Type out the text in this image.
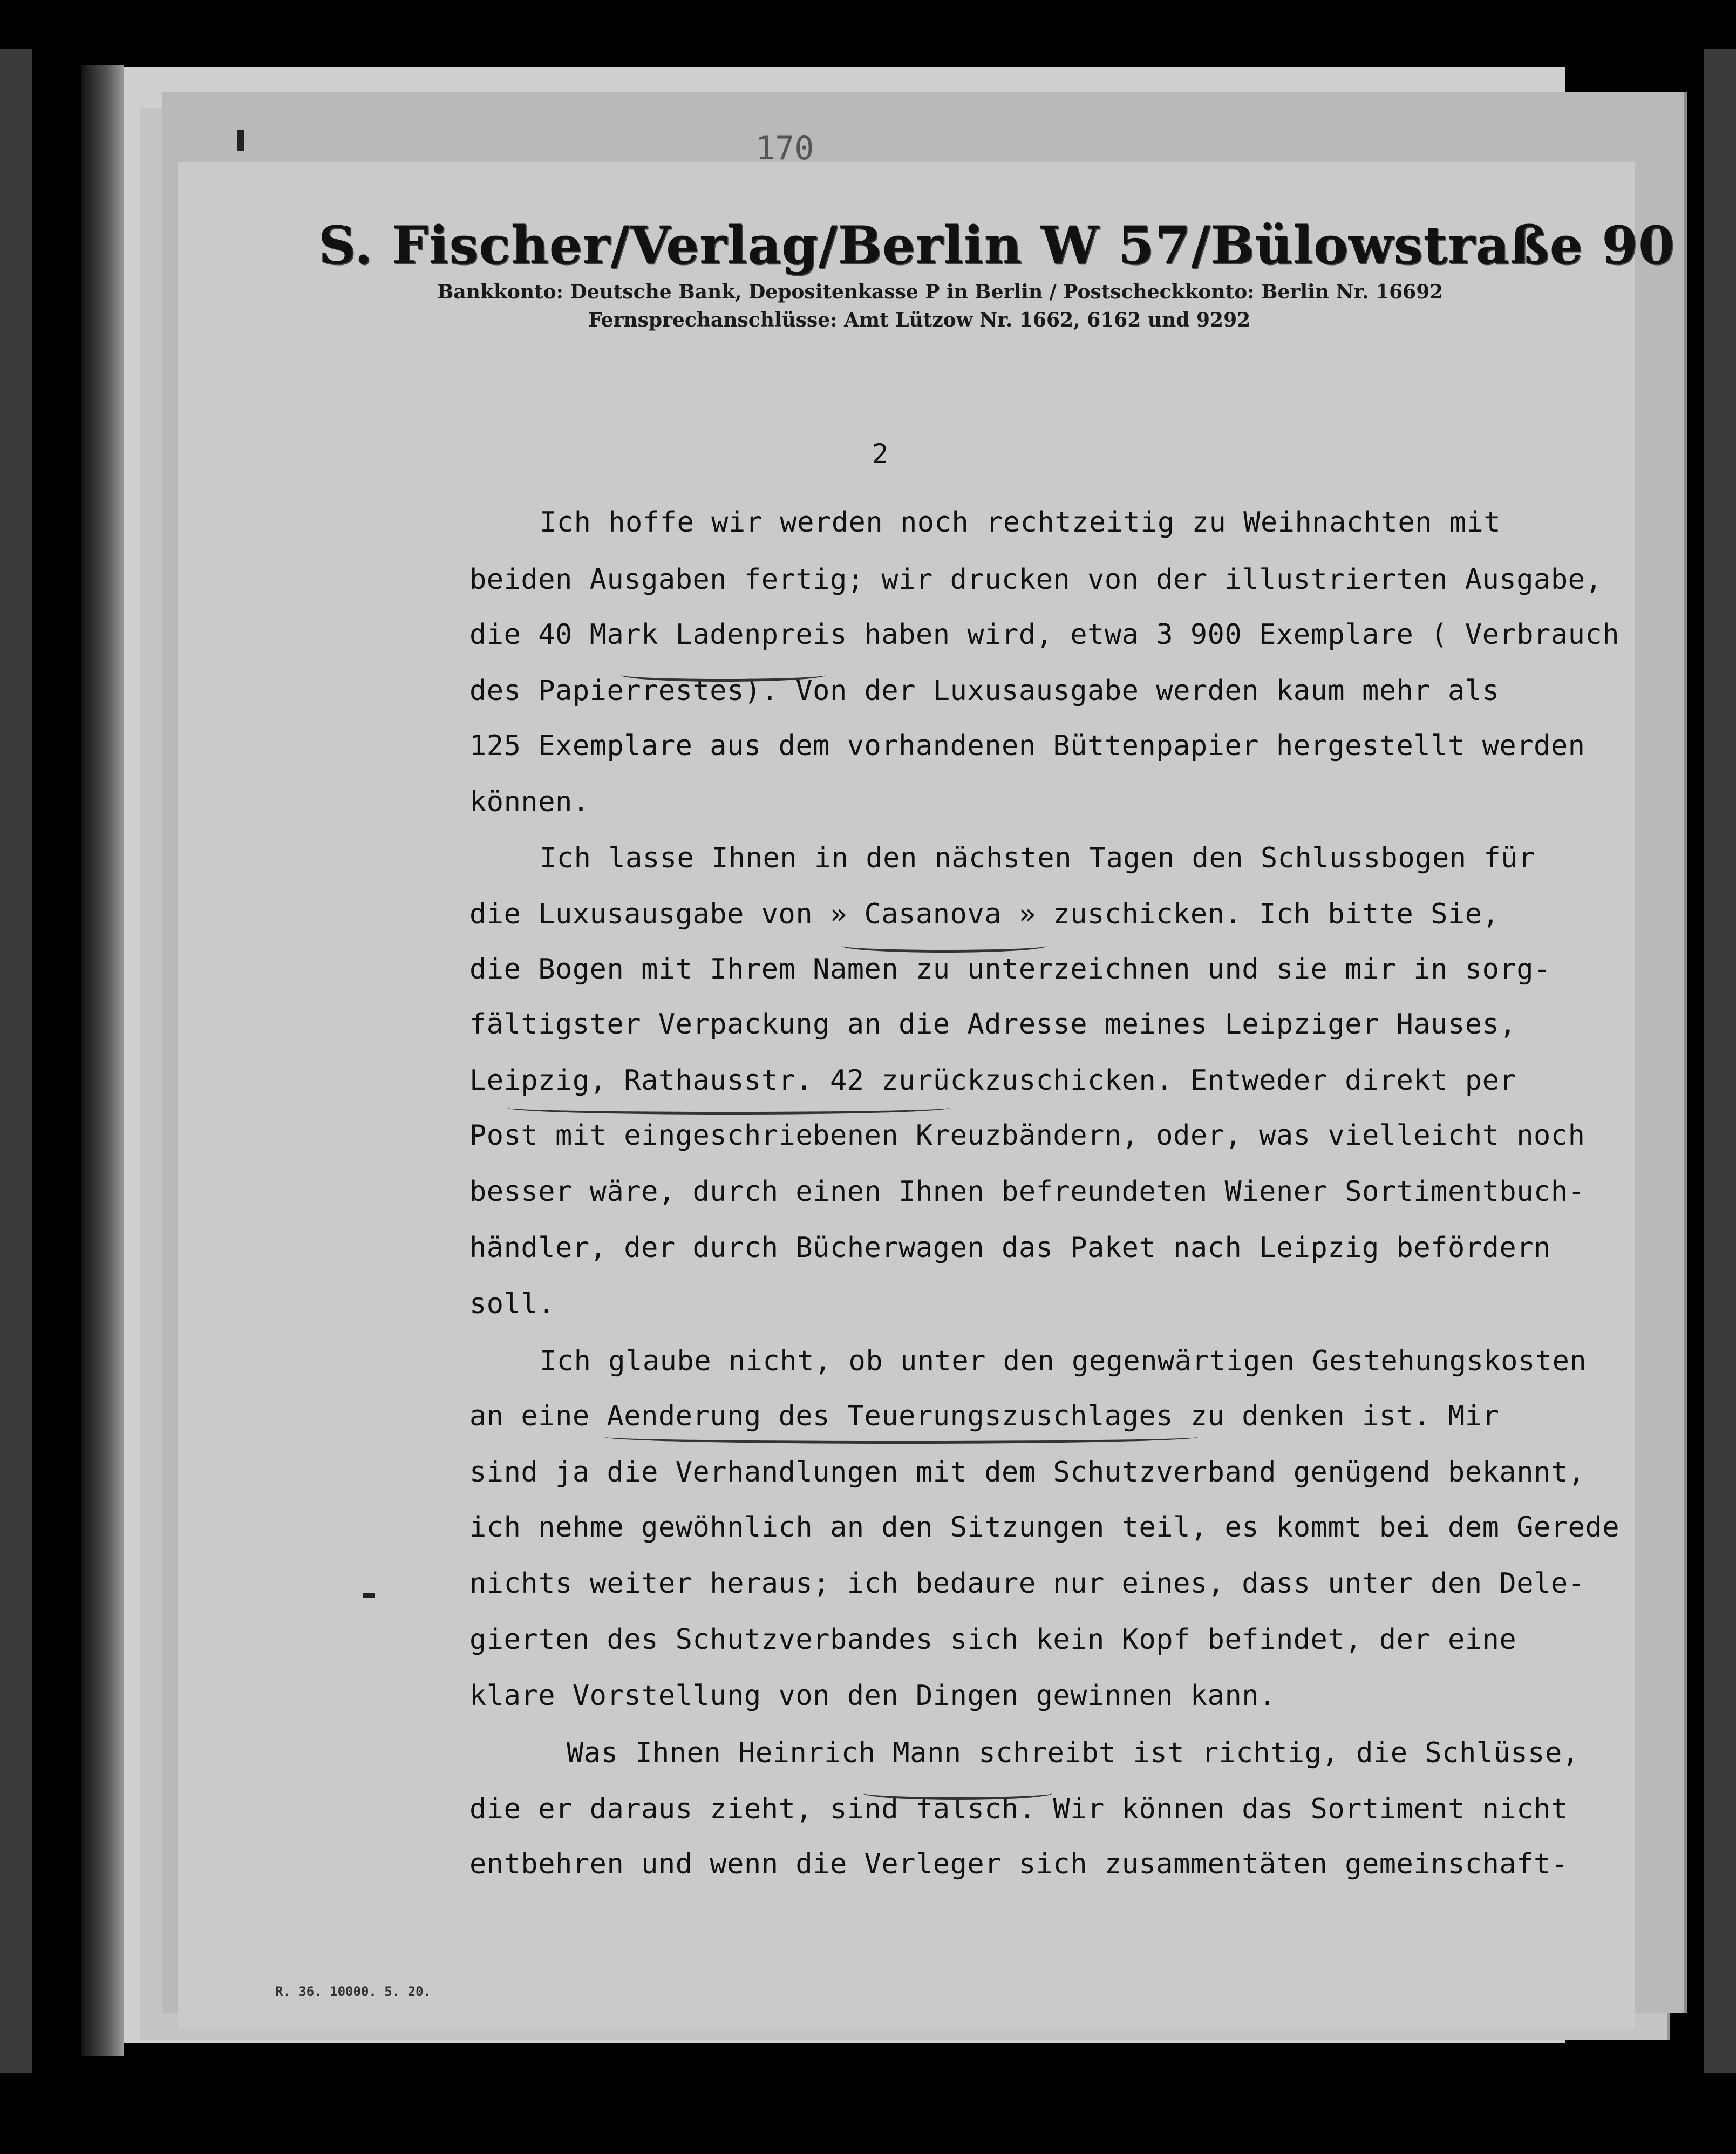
170
S. Fischer/Verlag/Berlin W 57/Bülowstraße 90
Bankkonto: Deutsche Bank, Depositenkasse P in Berlin / Postscheckkonto: Berlin Nr. 16692
Fernsprechanschlüsse: Amt Lützow Nr. 1662, 6162 und 9292
2
Ich hoffe wir werden noch rechtzeitig zu Weihnachten mit
beiden Ausgaben fertig; wir drucken von der illustrierten Ausgabe,
die 40 Mark Ladenpreis haben wird, etwa 3 900 Exemplare ( Verbrauch
des Papierrestes). Von der Luxusausgabe werden kaum mehr als
125 Exemplare aus dem vorhandenen Büttenpapier hergestellt werden
können.
Ich lasse Ihnen in den nächsten Tagen den Schlussbogen für
die Luxusausgabe von » Casanova » zuschicken. Ich bitte Sie,
die Bogen mit Ihrem Namen zu unterzeichnen und sie mir in sorg-
fältigster Verpackung an die Adresse meines Leipziger Hauses,
Leipzig, Rathausstr. 42 zurückzuschicken. Entweder direkt per
Post mit eingeschriebenen Kreuzbändern, oder, was vielleicht noch
besser wäre, durch einen Ihnen befreundeten Wiener Sortimentbuch-
händler, der durch Bücherwagen das Paket nach Leipzig befördern
soll.
Ich glaube nicht, ob unter den gegenwärtigen Gestehungskosten
an eine Aenderung des Teuerungszuschlages zu denken ist. Mir
sind ja die Verhandlungen mit dem Schutzverband genügend bekannt,
ich nehme gewöhnlich an den Sitzungen teil, es kommt bei dem Gerede
nichts weiter heraus; ich bedaure nur eines, dass unter den Dele-
gierten des Schutzverbandes sich kein Kopf befindet, der eine
klare Vorstellung von den Dingen gewinnen kann.
Was Ihnen Heinrich Mann schreibt ist richtig, die Schlüsse,
die er daraus zieht, sind falsch. Wir können das Sortiment nicht
entbehren und wenn die Verleger sich zusammentäten gemeinschaft-
R. 36. 10000. 5. 20.
